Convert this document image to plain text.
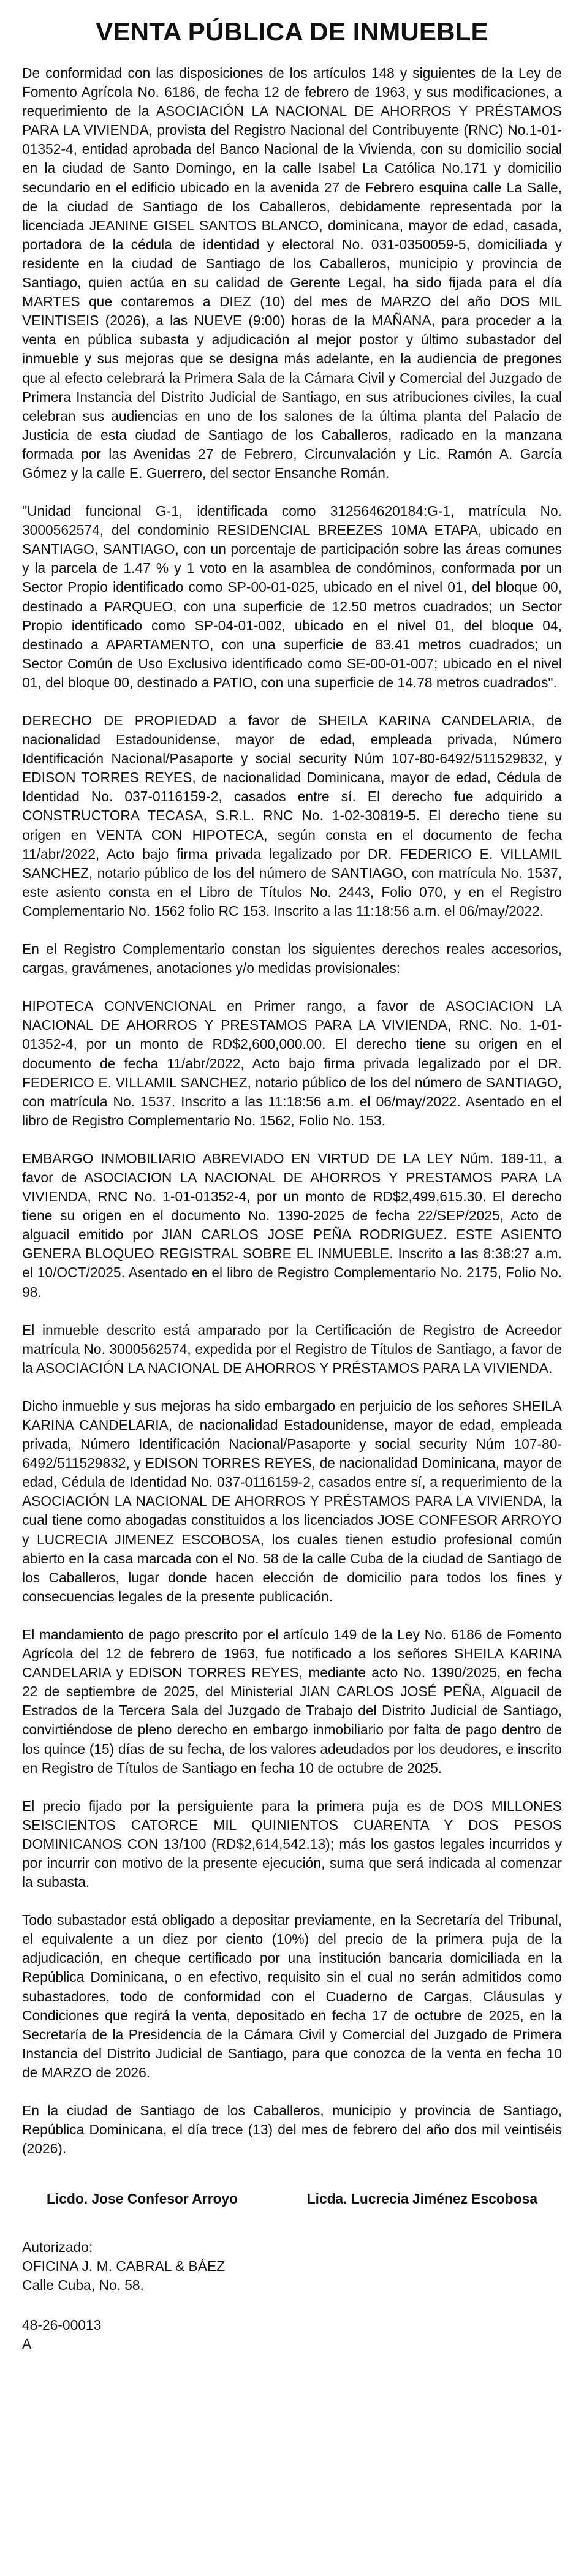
VENTA PÚBLICA DE INMUEBLE

De conformidad con las disposiciones de los artículos 148 y siguientes de la Ley de Fomento Agrícola No. 6186, de fecha 12 de febrero de 1963, y sus modificaciones, a requerimiento de la ASOCIACIÓN LA NACIONAL DE AHORROS Y PRÉSTAMOS PARA LA VIVIENDA, provista del Registro Nacional del Contribuyente (RNC) No.1-01-01352-4, entidad aprobada del Banco Nacional de la Vivienda, con su domicilio social en la ciudad de Santo Domingo, en la calle Isabel La Católica No.171 y domicilio secundario en el edificio ubicado en la avenida 27 de Febrero esquina calle La Salle, de la ciudad de Santiago de los Caballeros, debidamente representada por la licenciada JEANINE GISEL SANTOS BLANCO, dominicana, mayor de edad, casada, portadora de la cédula de identidad y electoral No. 031-0350059-5, domiciliada y residente en la ciudad de Santiago de los Caballeros, municipio y provincia de Santiago, quien actúa en su calidad de Gerente Legal, ha sido fijada para el día MARTES que contaremos a DIEZ (10) del mes de MARZO del año DOS MIL VEINTISEIS (2026), a las NUEVE (9:00) horas de la MAÑANA, para proceder a la venta en pública subasta y adjudicación al mejor postor y último subastador del inmueble y sus mejoras que se designa más adelante, en la audiencia de pregones que al efecto celebrará la Primera Sala de la Cámara Civil y Comercial del Juzgado de Primera Instancia del Distrito Judicial de Santiago, en sus atribuciones civiles, la cual celebran sus audiencias en uno de los salones de la última planta del Palacio de Justicia de esta ciudad de Santiago de los Caballeros, radicado en la manzana formada por las Avenidas 27 de Febrero, Circunvalación y Lic. Ramón A. García Gómez y la calle E. Guerrero, del sector Ensanche Román.

"Unidad funcional G-1, identificada como 312564620184:G-1, matrícula No. 3000562574, del condominio RESIDENCIAL BREEZES 10MA ETAPA, ubicado en SANTIAGO, SANTIAGO, con un porcentaje de participación sobre las áreas comunes y la parcela de 1.47 % y 1 voto en la asamblea de condóminos, conformada por un Sector Propio identificado como SP-00-01-025, ubicado en el nivel 01, del bloque 00, destinado a PARQUEO, con una superficie de 12.50 metros cuadrados; un Sector Propio identificado como SP-04-01-002, ubicado en el nivel 01, del bloque 04, destinado a APARTAMENTO, con una superficie de 83.41 metros cuadrados; un Sector Común de Uso Exclusivo identificado como SE-00-01-007; ubicado en el nivel 01, del bloque 00, destinado a PATIO, con una superficie de 14.78 metros cuadrados".

DERECHO DE PROPIEDAD a favor de SHEILA KARINA CANDELARIA, de nacionalidad Estadounidense, mayor de edad, empleada privada, Número Identificación Nacional/Pasaporte y social security Núm 107-80-6492/511529832, y EDISON TORRES REYES, de nacionalidad Dominicana, mayor de edad, Cédula de Identidad No. 037-0116159-2, casados entre sí. El derecho fue adquirido a CONSTRUCTORA TECASA, S.R.L. RNC No. 1-02-30819-5. El derecho tiene su origen en VENTA CON HIPOTECA, según consta en el documento de fecha 11/abr/2022, Acto bajo firma privada legalizado por DR. FEDERICO E. VILLAMIL SANCHEZ, notario público de los del número de SANTIAGO, con matrícula No. 1537, este asiento consta en el Libro de Títulos No. 2443, Folio 070, y en el Registro Complementario No. 1562 folio RC 153. Inscrito a las 11:18:56 a.m. el 06/may/2022.

En el Registro Complementario constan los siguientes derechos reales accesorios, cargas, gravámenes, anotaciones y/o medidas provisionales:

HIPOTECA CONVENCIONAL en Primer rango, a favor de ASOCIACION LA NACIONAL DE AHORROS Y PRESTAMOS PARA LA VIVIENDA, RNC. No. 1-01-01352-4, por un monto de RD$2,600,000.00. El derecho tiene su origen en el documento de fecha 11/abr/2022, Acto bajo firma privada legalizado por el DR. FEDERICO E. VILLAMIL SANCHEZ, notario público de los del número de SANTIAGO, con matrícula No. 1537. Inscrito a las 11:18:56 a.m. el 06/may/2022. Asentado en el libro de Registro Complementario No. 1562, Folio No. 153.

EMBARGO INMOBILIARIO ABREVIADO EN VIRTUD DE LA LEY Núm. 189-11, a favor de ASOCIACION LA NACIONAL DE AHORROS Y PRESTAMOS PARA LA VIVIENDA, RNC No. 1-01-01352-4, por un monto de RD$2,499,615.30. El derecho tiene su origen en el documento No. 1390-2025 de fecha 22/SEP/2025, Acto de alguacil emitido por JIAN CARLOS JOSE PEÑA RODRIGUEZ. ESTE ASIENTO GENERA BLOQUEO REGISTRAL SOBRE EL INMUEBLE. Inscrito a las 8:38:27 a.m. el 10/OCT/2025. Asentado en el libro de Registro Complementario No. 2175, Folio No. 98.

El inmueble descrito está amparado por la Certificación de Registro de Acreedor matrícula No. 3000562574, expedida por el Registro de Títulos de Santiago, a favor de la ASOCIACIÓN LA NACIONAL DE AHORROS Y PRÉSTAMOS PARA LA VIVIENDA.

Dicho inmueble y sus mejoras ha sido embargado en perjuicio de los señores SHEILA KARINA CANDELARIA, de nacionalidad Estadounidense, mayor de edad, empleada privada, Número Identificación Nacional/Pasaporte y social security Núm 107-80-6492/511529832, y EDISON TORRES REYES, de nacionalidad Dominicana, mayor de edad, Cédula de Identidad No. 037-0116159-2, casados entre sí, a requerimiento de la ASOCIACIÓN LA NACIONAL DE AHORROS Y PRÉSTAMOS PARA LA VIVIENDA, la cual tiene como abogadas constituidos a los licenciados JOSE CONFESOR ARROYO y LUCRECIA JIMENEZ ESCOBOSA, los cuales tienen estudio profesional común abierto en la casa marcada con el No. 58 de la calle Cuba de la ciudad de Santiago de los Caballeros, lugar donde hacen elección de domicilio para todos los fines y consecuencias legales de la presente publicación.

El mandamiento de pago prescrito por el artículo 149 de la Ley No. 6186 de Fomento Agrícola del 12 de febrero de 1963, fue notificado a los señores SHEILA KARINA CANDELARIA y EDISON TORRES REYES, mediante acto No. 1390/2025, en fecha 22 de septiembre de 2025, del Ministerial JIAN CARLOS JOSÉ PEÑA, Alguacil de Estrados de la Tercera Sala del Juzgado de Trabajo del Distrito Judicial de Santiago, convirtiéndose de pleno derecho en embargo inmobiliario por falta de pago dentro de los quince (15) días de su fecha, de los valores adeudados por los deudores, e inscrito en Registro de Títulos de Santiago en fecha 10 de octubre de 2025.

El precio fijado por la persiguiente para la primera puja es de DOS MILLONES SEISCIENTOS CATORCE MIL QUINIENTOS CUARENTA Y DOS PESOS DOMINICANOS CON 13/100 (RD$2,614,542.13); más los gastos legales incurridos y por incurrir con motivo de la presente ejecución, suma que será indicada al comenzar la subasta.

Todo subastador está obligado a depositar previamente, en la Secretaría del Tribunal, el equivalente a un diez por ciento (10%) del precio de la primera puja de la adjudicación, en cheque certificado por una institución bancaria domiciliada en la República Dominicana, o en efectivo, requisito sin el cual no serán admitidos como subastadores, todo de conformidad con el Cuaderno de Cargas, Cláusulas y Condiciones que regirá la venta, depositado en fecha 17 de octubre de 2025, en la Secretaría de la Presidencia de la Cámara Civil y Comercial del Juzgado de Primera Instancia del Distrito Judicial de Santiago, para que conozca de la venta en fecha 10 de MARZO de 2026.

En la ciudad de Santiago de los Caballeros, municipio y provincia de Santiago, República Dominicana, el día trece (13) del mes de febrero del año dos mil veintiséis (2026).

Licdo. Jose Confesor Arroyo	Licda. Lucrecia Jiménez Escobosa
Autorizado:
OFICINA J. M. CABRAL & BÁEZ
Calle Cuba, No. 58.
48-26-00013
A
